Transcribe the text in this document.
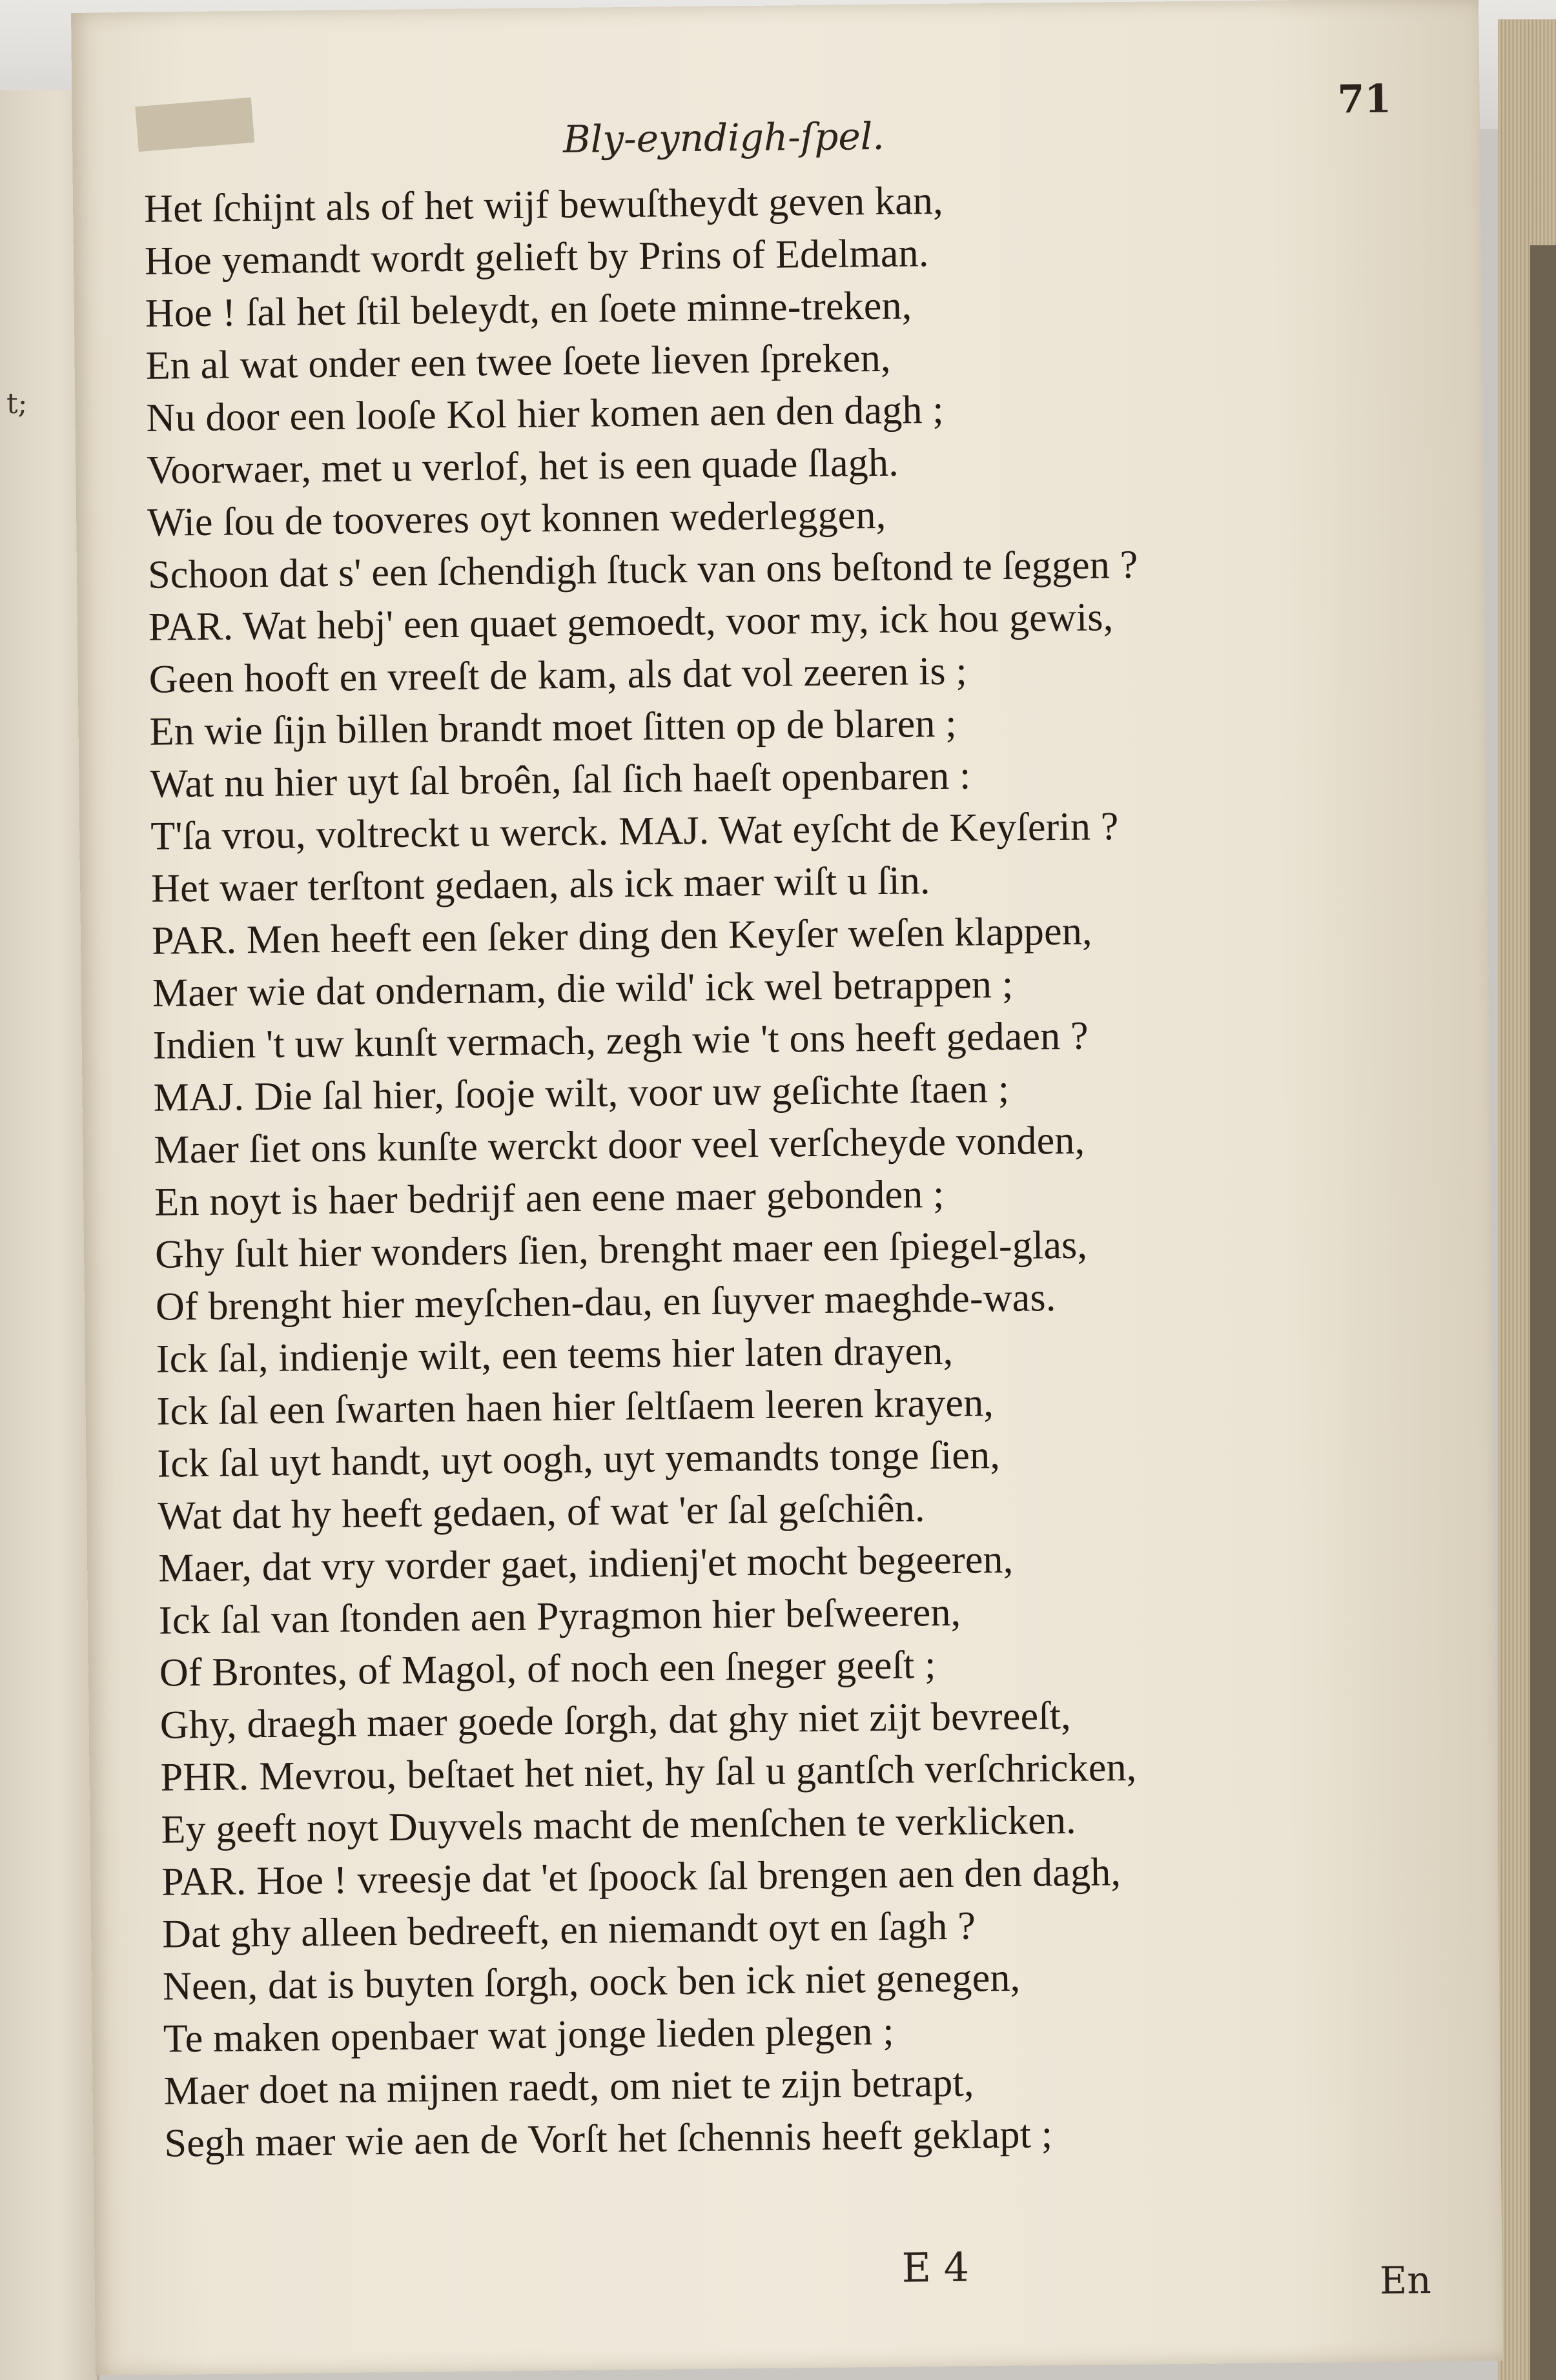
t;
Bly-eyndigh-ſpel.
71
Het ſchijnt als of het wijf bewuſtheydt geven kan,
Hoe yemandt wordt gelieft by Prins of Edelman.
Hoe ! ſal het ſtil beleydt, en ſoete minne-treken,
En al wat onder een twee ſoete lieven ſpreken,
Nu door een looſe Kol hier komen aen den dagh ;
Voorwaer, met u verlof, het is een quade ſlagh.
Wie ſou de tooveres oyt konnen wederleggen,
Schoon dat s' een ſchendigh ſtuck van ons beſtond te ſeggen ?
PAR. Wat hebj' een quaet gemoedt, voor my, ick hou gewis,
Geen hooft en vreeſt de kam, als dat vol zeeren is ;
En wie ſijn billen brandt moet ſitten op de blaren ;
Wat nu hier uyt ſal broên, ſal ſich haeſt openbaren :
T'ſa vrou, voltreckt u werck. MAJ. Wat eyſcht de Keyſerin ?
Het waer terſtont gedaen, als ick maer wiſt u ſin.
PAR. Men heeft een ſeker ding den Keyſer weſen klappen,
Maer wie dat ondernam, die wild' ick wel betrappen ;
Indien 't uw kunſt vermach, zegh wie 't ons heeft gedaen ?
MAJ. Die ſal hier, ſooje wilt, voor uw geſichte ſtaen ;
Maer ſiet ons kunſte werckt door veel verſcheyde vonden,
En noyt is haer bedrijf aen eene maer gebonden ;
Ghy ſult hier wonders ſien, brenght maer een ſpiegel-glas,
Of brenght hier meyſchen-dau, en ſuyver maeghde-was.
Ick ſal, indienje wilt, een teems hier laten drayen,
Ick ſal een ſwarten haen hier ſeltſaem leeren krayen,
Ick ſal uyt handt, uyt oogh, uyt yemandts tonge ſien,
Wat dat hy heeft gedaen, of wat 'er ſal geſchiên.
Maer, dat vry vorder gaet, indienj'et mocht begeeren,
Ick ſal van ſtonden aen Pyragmon hier beſweeren,
Of Brontes, of Magol, of noch een ſneger geeſt ;
Ghy, draegh maer goede ſorgh, dat ghy niet zijt bevreeſt,
PHR. Mevrou, beſtaet het niet, hy ſal u gantſch verſchricken,
Ey geeft noyt Duyvels macht de menſchen te verklicken.
PAR. Hoe ! vreesje dat 'et ſpoock ſal brengen aen den dagh,
Dat ghy alleen bedreeft, en niemandt oyt en ſagh ?
Neen, dat is buyten ſorgh, oock ben ick niet genegen,
Te maken openbaer wat jonge lieden plegen ;
Maer doet na mijnen raedt, om niet te zijn betrapt,
Segh maer wie aen de Vorſt het ſchennis heeft geklapt ;
E 4	En
